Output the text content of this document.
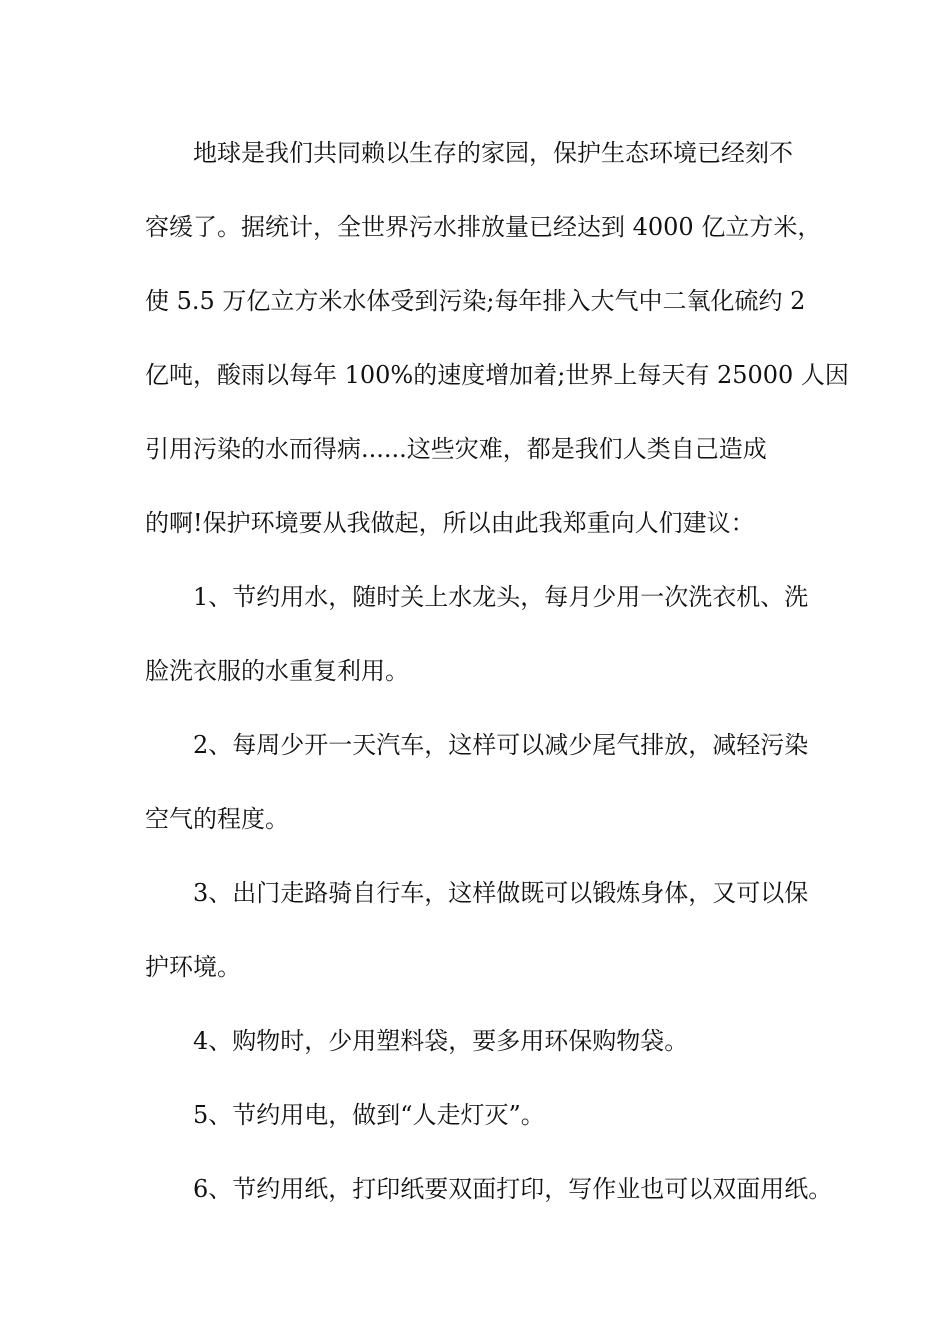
地球是我们共同赖以生存的家园，保护生态环境已经刻不
容缓了。据统计，全世界污水排放量已经达到 4000 亿立方米，
使 5.5 万亿立方米水体受到污染;每年排入大气中二氧化硫约 2
亿吨，酸雨以每年 100%的速度增加着;世界上每天有 25000 人因
引用污染的水而得病......这些灾难，都是我们人类自己造成
的啊!保护环境要从我做起，所以由此我郑重向人们建议：
1、节约用水，随时关上水龙头，每月少用一次洗衣机、洗
脸洗衣服的水重复利用。
2、每周少开一天汽车，这样可以减少尾气排放，减轻污染
空气的程度。
3、出门走路骑自行车，这样做既可以锻炼身体，又可以保
护环境。
4、购物时，少用塑料袋，要多用环保购物袋。
5、节约用电，做到“人走灯灭”。
6、节约用纸，打印纸要双面打印，写作业也可以双面用纸。
